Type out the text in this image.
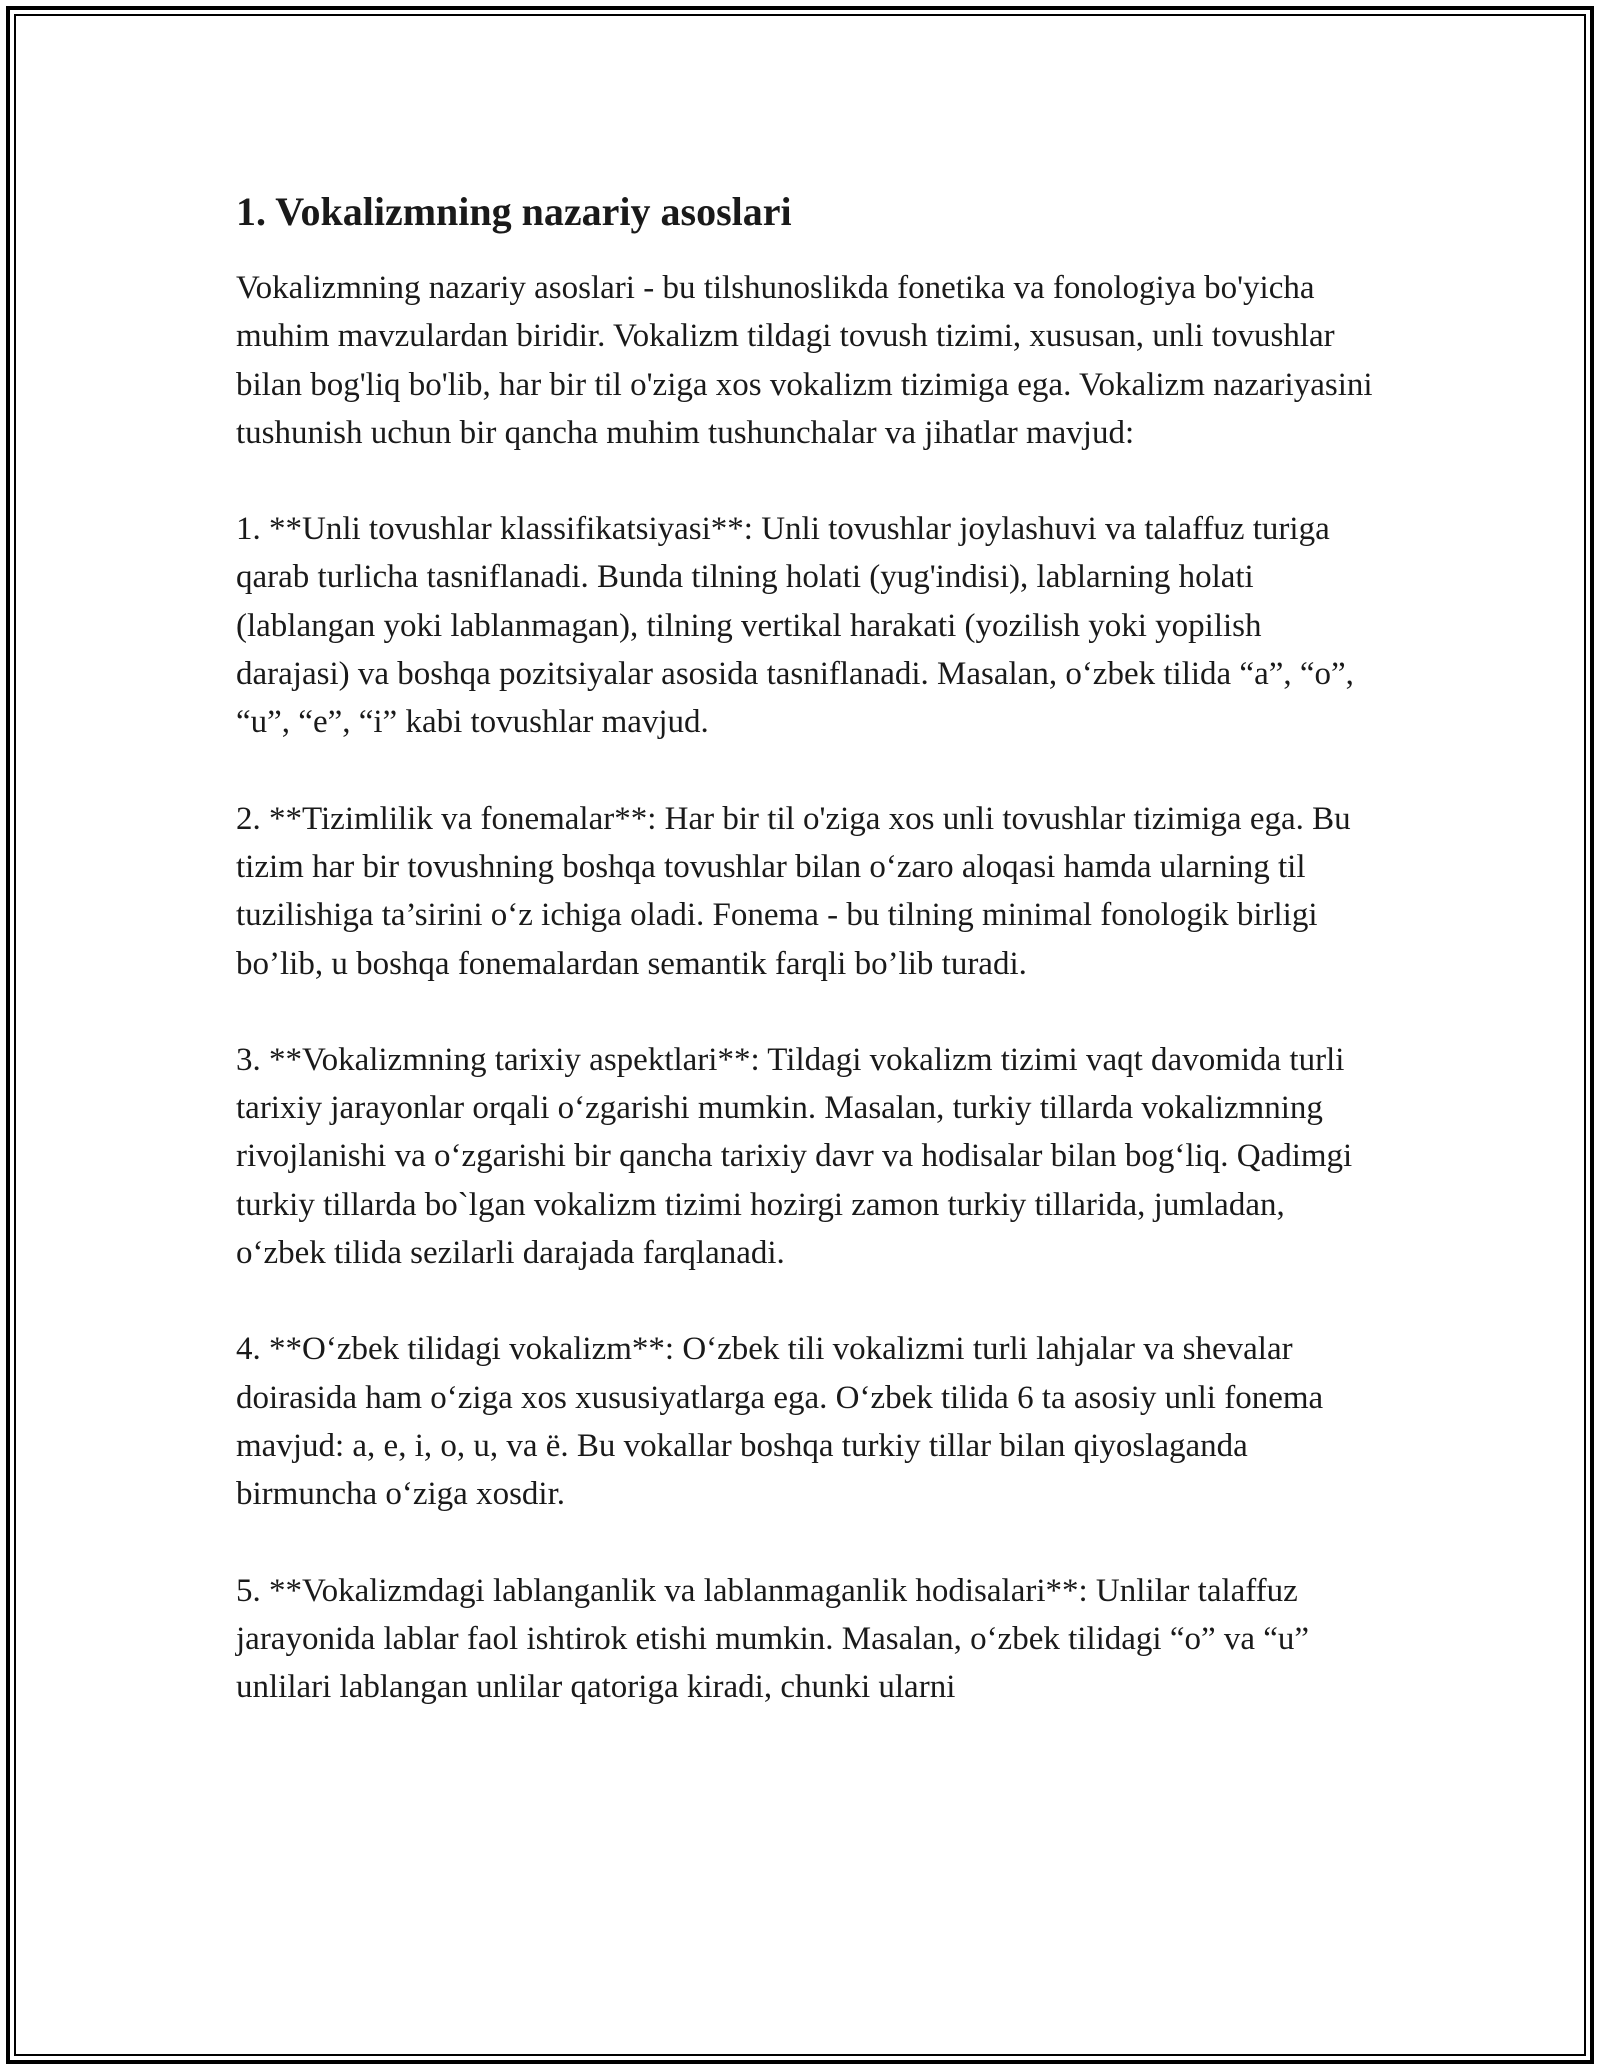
1. Vokalizmning nazariy asoslari

Vokalizmning nazariy asoslari - bu tilshunoslikda fonetika va fonologiya bo'yicha muhim mavzulardan biridir. Vokalizm tildagi tovush tizimi, xususan, unli tovushlar bilan bog'liq bo'lib, har bir til o'ziga xos vokalizm tizimiga ega. Vokalizm nazariyasini tushunish uchun bir qancha muhim tushunchalar va jihatlar mavjud:

1. **Unli tovushlar klassifikatsiyasi**: Unli tovushlar joylashuvi va talaffuz turiga qarab turlicha tasniflanadi. Bunda tilning holati (yug'indisi), lablarning holati (lablangan yoki lablanmagan), tilning vertikal harakati (yozilish yoki yopilish darajasi) va boshqa pozitsiyalar asosida tasniflanadi. Masalan, o‘zbek tilida “a”, “o”, “u”, “e”, “i” kabi tovushlar mavjud.

2. **Tizimlilik va fonemalar**: Har bir til o'ziga xos unli tovushlar tizimiga ega. Bu tizim har bir tovushning boshqa tovushlar bilan o‘zaro aloqasi hamda ularning til tuzilishiga ta’sirini o‘z ichiga oladi. Fonema - bu tilning minimal fonologik birligi bo’lib, u boshqa fonemalardan semantik farqli bo’lib turadi.

3. **Vokalizmning tarixiy aspektlari**: Tildagi vokalizm tizimi vaqt davomida turli tarixiy jarayonlar orqali o‘zgarishi mumkin. Masalan, turkiy tillarda vokalizmning rivojlanishi va o‘zgarishi bir qancha tarixiy davr va hodisalar bilan bog‘liq. Qadimgi turkiy tillarda bo`lgan vokalizm tizimi hozirgi zamon turkiy tillarida, jumladan, o‘zbek tilida sezilarli darajada farqlanadi.

4. **O‘zbek tilidagi vokalizm**: O‘zbek tili vokalizmi turli lahjalar va shevalar doirasida ham o‘ziga xos xususiyatlarga ega. O‘zbek tilida 6 ta asosiy unli fonema mavjud: a, e, i, o, u, va ë. Bu vokallar boshqa turkiy tillar bilan qiyoslaganda birmuncha o‘ziga xosdir.

5. **Vokalizmdagi lablanganlik va lablanmaganlik hodisalari**: Unlilar talaffuz jarayonida lablar faol ishtirok etishi mumkin. Masalan, o‘zbek tilidagi “o” va “u” unlilari lablangan unlilar qatoriga kiradi, chunki ularni
